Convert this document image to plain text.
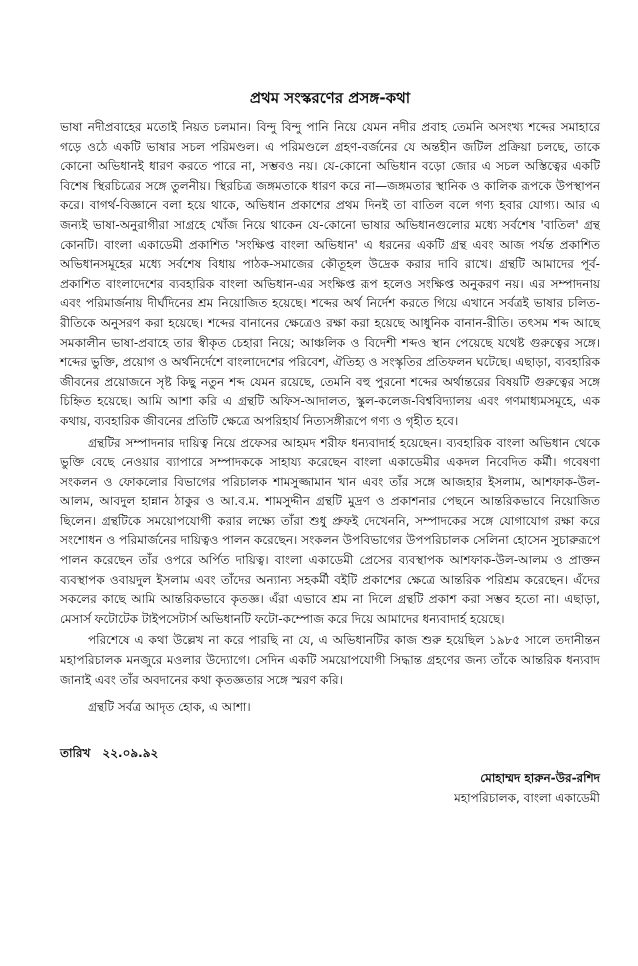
প্রথম সংস্করণের প্রসঙ্গ-কথা

ভাষা নদীপ্রবাহের মতোই নিয়ত চলমান। বিন্দু বিন্দু পানি নিয়ে যেমন নদীর প্রবাহ তেমনি অসংখ্য শব্দের সমাহারে গড়ে ওঠে একটি ভাষার সচল পরিমণ্ডল। এ পরিমণ্ডলে গ্রহণ-বর্জনের যে অন্তহীন জটিল প্রক্রিয়া চলছে, তাকে কোনো অভিধানই ধারণ করতে পারে না, সম্ভবও নয়। যে-কোনো অভিধান বড়ো জোর এ সচল অস্তিত্বের একটি বিশেষ স্থিরচিত্রের সঙ্গে তুলনীয়। স্থিরচিত্র জঙ্গমতাকে ধারণ করে না—জঙ্গমতার স্থানিক ও কালিক রূপকে উপস্থাপন করে। বাগর্থ-বিজ্ঞানে বলা হয়ে থাকে, অভিধান প্রকাশের প্রথম দিনই তা বাতিল বলে গণ্য হবার যোগ্য। আর এ জন্যই ভাষা-অনুরাগীরা সাগ্রহে খোঁজ নিয়ে থাকেন যে-কোনো ভাষার অভিধানগুলোর মধ্যে সর্বশেষ 'বাতিল' গ্রন্থ কোনটি। বাংলা একাডেমী প্রকাশিত 'সংক্ষিপ্ত বাংলা অভিধান' এ ধরনের একটি গ্রন্থ এবং আজ পর্যন্ত প্রকাশিত অভিধানসমূহের মধ্যে সর্বশেষ বিধায় পাঠক-সমাজের কৌতূহল উদ্রেক করার দাবি রাখে। গ্রন্থটি আমাদের পূর্ব-প্রকাশিত বাংলাদেশের ব্যবহারিক বাংলা অভিধান-এর সংক্ষিপ্ত রূপ হলেও সংক্ষিপ্ত অনুকরণ নয়। এর সম্পাদনায় এবং পরিমার্জনায় দীর্ঘদিনের শ্রম নিয়োজিত হয়েছে। শব্দের অর্থ নির্দেশ করতে গিয়ে এখানে সর্বত্রই ভাষার চলিত-রীতিকে অনুসরণ করা হয়েছে। শব্দের বানানের ক্ষেত্রেও রক্ষা করা হয়েছে আধুনিক বানান-রীতি। তৎসম শব্দ আছে সমকালীন ভাষা-প্রবাহে তার স্বীকৃত চেহারা নিয়ে; আঞ্চলিক ও বিদেশী শব্দও স্থান পেয়েছে যথেষ্ট গুরুত্বের সঙ্গে। শব্দের ভুক্তি, প্রয়োগ ও অর্থনির্দেশে বাংলাদেশের পরিবেশ, ঐতিহ্য ও সংস্কৃতির প্রতিফলন ঘটেছে। এছাড়া, ব্যবহারিক জীবনের প্রয়োজনে সৃষ্ট কিছু নতুন শব্দ যেমন রয়েছে, তেমনি বহু পুরনো শব্দের অর্থান্তরের বিষয়টি গুরুত্বের সঙ্গে চিহ্নিত হয়েছে। আমি আশা করি এ গ্রন্থটি অফিস-আদালত, স্কুল-কলেজ-বিশ্ববিদ্যালয় এবং গণমাধ্যমসমূহে, এক কথায়, ব্যবহারিক জীবনের প্রতিটি ক্ষেত্রে অপরিহার্য নিত্যসঙ্গীরূপে গণ্য ও গৃহীত হবে।

গ্রন্থটির সম্পাদনার দায়িত্ব নিয়ে প্রফেসর আহমদ শরীফ ধন্যবাদার্হ হয়েছেন। ব্যবহারিক বাংলা অভিধান থেকে ভুক্তি বেছে নেওয়ার ব্যাপারে সম্পাদককে সাহায্য করেছেন বাংলা একাডেমীর একদল নিবেদিত কর্মী। গবেষণা সংকলন ও ফোকলোর বিভাগের পরিচালক শামসুজ্জামান খান এবং তাঁর সঙ্গে আজহার ইসলাম, আশফাক-উল-আলম, আবদুল হান্নান ঠাকুর ও আ.ব.ম. শামসুদ্দীন গ্রন্থটি মুদ্রণ ও প্রকাশনার পেছনে আন্তরিকভাবে নিয়োজিত ছিলেন। গ্রন্থটিকে সময়োপযোগী করার লক্ষ্যে তাঁরা শুধু প্রুফই দেখেননি, সম্পাদকের সঙ্গে যোগাযোগ রক্ষা করে সংশোধন ও পরিমার্জনের দায়িত্বও পালন করেছেন। সংকলন উপবিভাগের উপপরিচালক সেলিনা হোসেন সুচারুরূপে পালন করেছেন তাঁর ওপরে অর্পিত দায়িত্ব। বাংলা একাডেমী প্রেসের ব্যবস্থাপক আশফাক-উল-আলম ও প্রাক্তন ব্যবস্থাপক ওবায়দুল ইসলাম এবং তাঁদের অন্যান্য সহকর্মী বইটি প্রকাশের ক্ষেত্রে আন্তরিক পরিশ্রম করেছেন। এঁদের সকলের কাছে আমি আন্তরিকভাবে কৃতজ্ঞ। এঁরা এভাবে শ্রম না দিলে গ্রন্থটি প্রকাশ করা সম্ভব হতো না। এছাড়া, মেসার্স ফটোটেক টাইপসেটার্স অভিধানটি ফটো-কম্পোজ করে দিয়ে আমাদের ধন্যবাদার্হ হয়েছে।

পরিশেষে এ কথা উল্লেখ না করে পারছি না যে, এ অভিধানটির কাজ শুরু হয়েছিল ১৯৮৫ সালে তদানীন্তন মহাপরিচালক মনজুরে মওলার উদ্যোগে। সেদিন একটি সময়োপযোগী সিদ্ধান্ত গ্রহণের জন্য তাঁকে আন্তরিক ধন্যবাদ জানাই এবং তাঁর অবদানের কথা কৃতজ্ঞতার সঙ্গে স্মরণ করি।

গ্রন্থটি সর্বত্র আদৃত হোক, এ আশা।

তারিখ ২২.০৯.৯২
মোহাম্মদ হারুন-উর-রশিদ
মহাপরিচালক, বাংলা একাডেমী
